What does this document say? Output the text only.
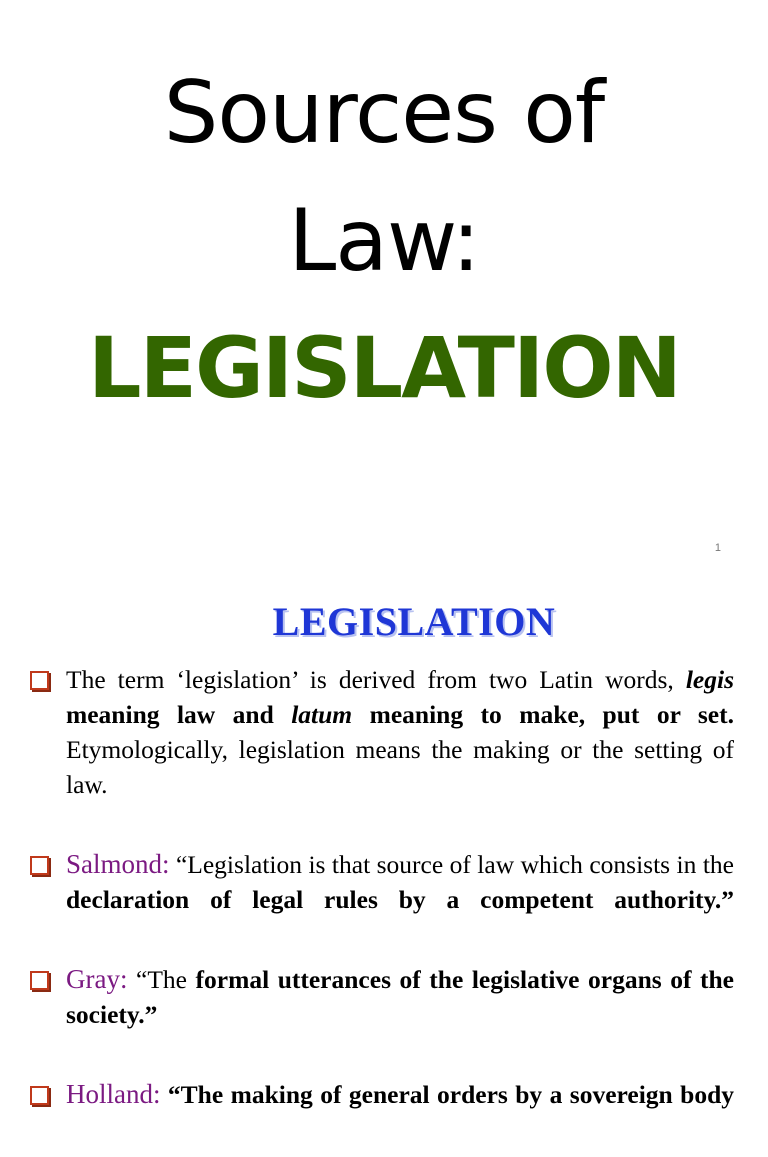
Sources of
Law:
LEGISLATION
1
LEGISLATION
The term ‘legislation’ is derived from two Latin words, legis meaning law and latum meaning to make, put or set. Etymologically, legislation means the making or the setting of law.
Salmond: “Legislation is that source of law which consists in the declaration of legal rules by a competent authority.”
Gray: “The formal utterances of the legislative organs of the society.”
Holland: “The making of general orders by a sovereign body
